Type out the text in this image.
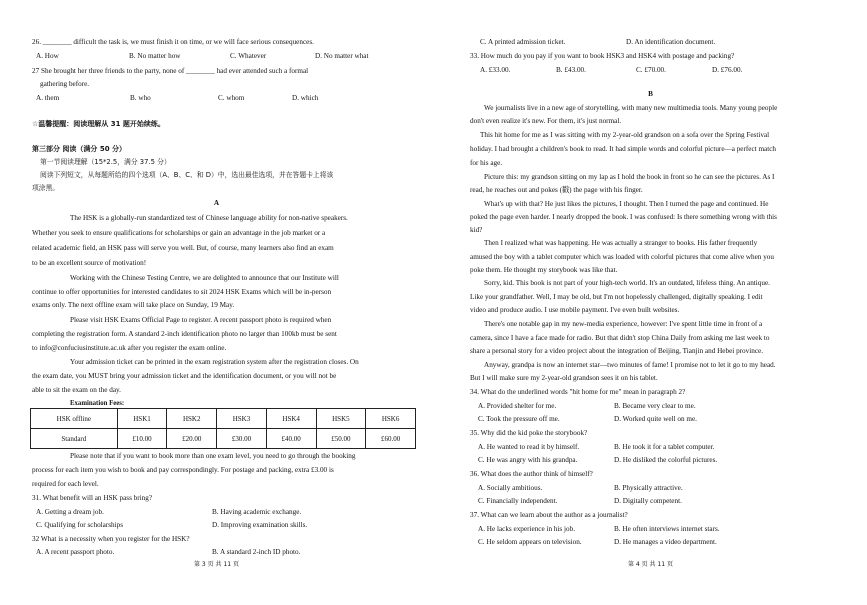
26. ________ difficult the task is, we must finish it on time, or we will face serious consequences.
A. How	B. No matter how	C. Whatever	D. No matter what
27 She brought her three friends to the party, none of ________ had ever attended such a formal
gathering before.
A. them	B. who	C. whom	D. which
☆温馨提醒：阅读理解从 31 题开始续练。
第三部分 阅读（满分 50 分）
第一节阅读理解（15*2.5，满分 37.5 分）
阅读下列短文，从每题所给的四个选项（A、B、C、和 D）中，选出最佳选项，并在答题卡上将该
项涂黑。
A
The HSK is a globally-run standardized test of Chinese language ability for non-native speakers.
Whether you seek to ensure qualifications for scholarships or gain an advantage in the job market or a
related academic field, an HSK pass will serve you well. But, of course, many learners also find an exam
to be an excellent source of motivation!
Working with the Chinese Testing Centre, we are delighted to announce that our Institute will
continue to offer opportunities for interested candidates to sit 2024 HSK Exams which will be in-person
exams only. The next offline exam will take place on Sunday, 19 May.
Please visit HSK Exams Official Page to register. A recent passport photo is required when
completing the registration form. A standard 2-inch identification photo no larger than 100kb must be sent
to info@confuciusinstitute.ac.uk after you register the exam online.
Your admission ticket can be printed in the exam registration system after the registration closes. On
the exam date, you MUST bring your admission ticket and the identification document, or you will not be
able to sit the exam on the day.
Examination Fees:
HSK offline	HSK1	HSK2	HSK3	HSK4	HSK5	HSK6
Standard	£10.00	£20.00	£30.00	£40.00	£50.00	£60.00
Please note that if you want to book more than one exam level, you need to go through the booking
process for each item you wish to book and pay correspondingly. For postage and packing, extra £3.00 is
required for each level.
31. What benefit will an HSK pass bring?
A. Getting a dream job.	B. Having academic exchange.
C. Qualifying for scholarships	D. Improving examination skills.
32 What is a necessity when you register for the HSK?
A. A recent passport photo.	B. A standard 2-inch ID photo.
第 3 页 共 11 页
C. A printed admission ticket.	D. An identification document.
33. How much do you pay if you want to book HSK3 and HSK4 with postage and packing?
A. £33.00.	B. £43.00.	C. £70.00.	D. £76.00.
B
We journalists live in a new age of storytelling, with many new multimedia tools. Many young people
don't even realize it's new. For them, it's just normal.
This hit home for me as I was sitting with my 2-year-old grandson on a sofa over the Spring Festival
holiday. I had brought a children's book to read. It had simple words and colorful picture—a perfect match
for his age.
Picture this: my grandson sitting on my lap as I hold the book in front so he can see the pictures. As I
read, he reaches out and pokes (戳) the page with his finger.
What's up with that? He just likes the pictures, I thought. Then I turned the page and continued. He
poked the page even harder. I nearly dropped the book. I was confused: Is there something wrong with this
kid?
Then I realized what was happening. He was actually a stranger to books. His father frequently
amused the boy with a tablet computer which was loaded with colorful pictures that come alive when you
poke them. He thought my storybook was like that.
Sorry, kid. This book is not part of your high-tech world. It's an outdated, lifeless thing. An antique.
Like your grandfather. Well, I may be old, but I'm not hopelessly challenged, digitally speaking. I edit
video and produce audio. I use mobile payment. I've even built websites.
There's one notable gap in my new-media experience, however: I've spent little time in front of a
camera, since I have a face made for radio. But that didn't stop China Daily from asking me last week to
share a personal story for a video project about the integration of Beijing, Tianjin and Hebei province.
Anyway, grandpa is now an internet star—two minutes of fame! I promise not to let it go to my head.
But I will make sure my 2-year-old grandson sees it on his tablet.
34. What do the underlined words "hit home for me" mean in paragraph 2?
A. Provided shelter for me.	B. Became very clear to me.
C. Took the pressure off me.	D. Worked quite well on me.
35. Why did the kid poke the storybook?
A. He wanted to read it by himself.	B. He took it for a tablet computer.
C. He was angry with his grandpa.	D. He disliked the colorful pictures.
36. What does the author think of himself?
A. Socially ambitious.	B. Physically attractive.
C. Financially independent.	D. Digitally competent.
37. What can we learn about the author as a journalist?
A. He lacks experience in his job.	B. He often interviews internet stars.
C. He seldom appears on television.	D. He manages a video department.
第 4 页 共 11 页
